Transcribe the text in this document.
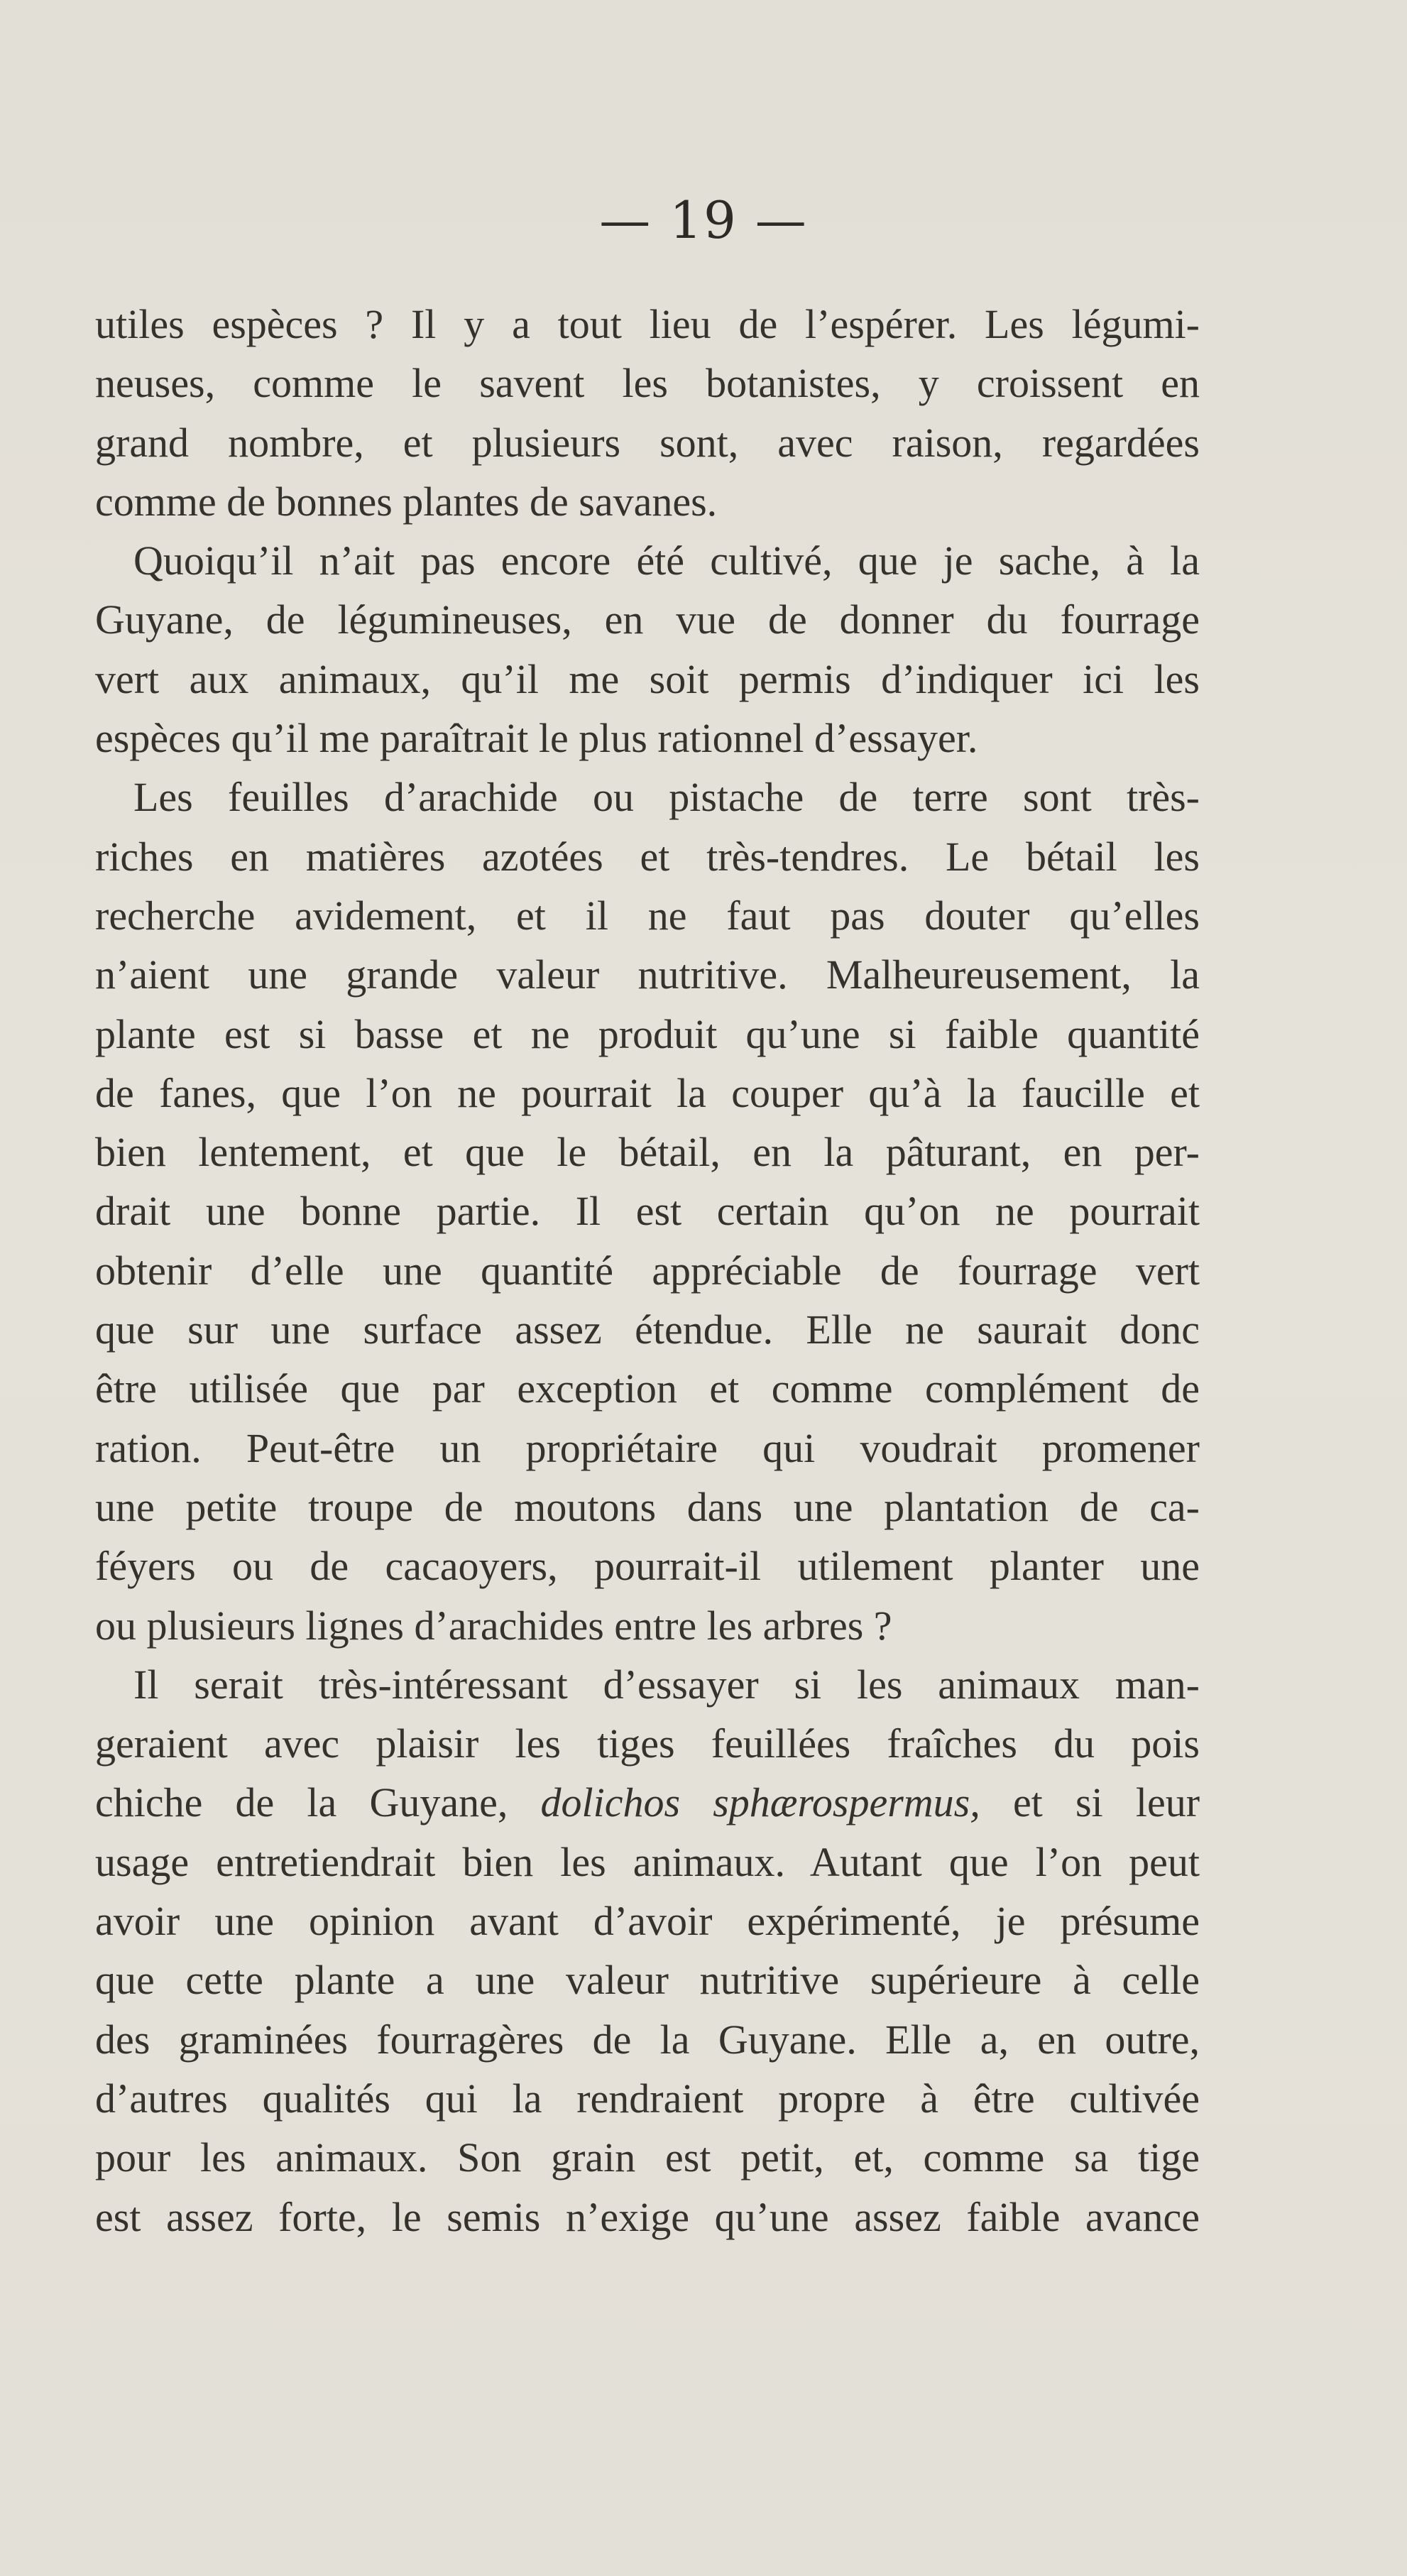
— 19 —
utiles espèces ? Il y a tout lieu de l’espérer. Les légumi-
neuses, comme le savent les botanistes, y croissent en
grand nombre, et plusieurs sont, avec raison, regardées
comme de bonnes plantes de savanes.
Quoiqu’il n’ait pas encore été cultivé, que je sache, à la
Guyane, de légumineuses, en vue de donner du fourrage
vert aux animaux, qu’il me soit permis d’indiquer ici les
espèces qu’il me paraîtrait le plus rationnel d’essayer.
Les feuilles d’arachide ou pistache de terre sont très-
riches en matières azotées et très-tendres. Le bétail les
recherche avidement, et il ne faut pas douter qu’elles
n’aient une grande valeur nutritive. Malheureusement, la
plante est si basse et ne produit qu’une si faible quantité
de fanes, que l’on ne pourrait la couper qu’à la faucille et
bien lentement, et que le bétail, en la pâturant, en per-
drait une bonne partie. Il est certain qu’on ne pourrait
obtenir d’elle une quantité appréciable de fourrage vert
que sur une surface assez étendue. Elle ne saurait donc
être utilisée que par exception et comme complément de
ration. Peut-être un propriétaire qui voudrait promener
une petite troupe de moutons dans une plantation de ca-
féyers ou de cacaoyers, pourrait-il utilement planter une
ou plusieurs lignes d’arachides entre les arbres ?
Il serait très-intéressant d’essayer si les animaux man-
geraient avec plaisir les tiges feuillées fraîches du pois
chiche de la Guyane, dolichos sphærospermus, et si leur
usage entretiendrait bien les animaux. Autant que l’on peut
avoir une opinion avant d’avoir expérimenté, je présume
que cette plante a une valeur nutritive supérieure à celle
des graminées fourragères de la Guyane. Elle a, en outre,
d’autres qualités qui la rendraient propre à être cultivée
pour les animaux. Son grain est petit, et, comme sa tige
est assez forte, le semis n’exige qu’une assez faible avance
